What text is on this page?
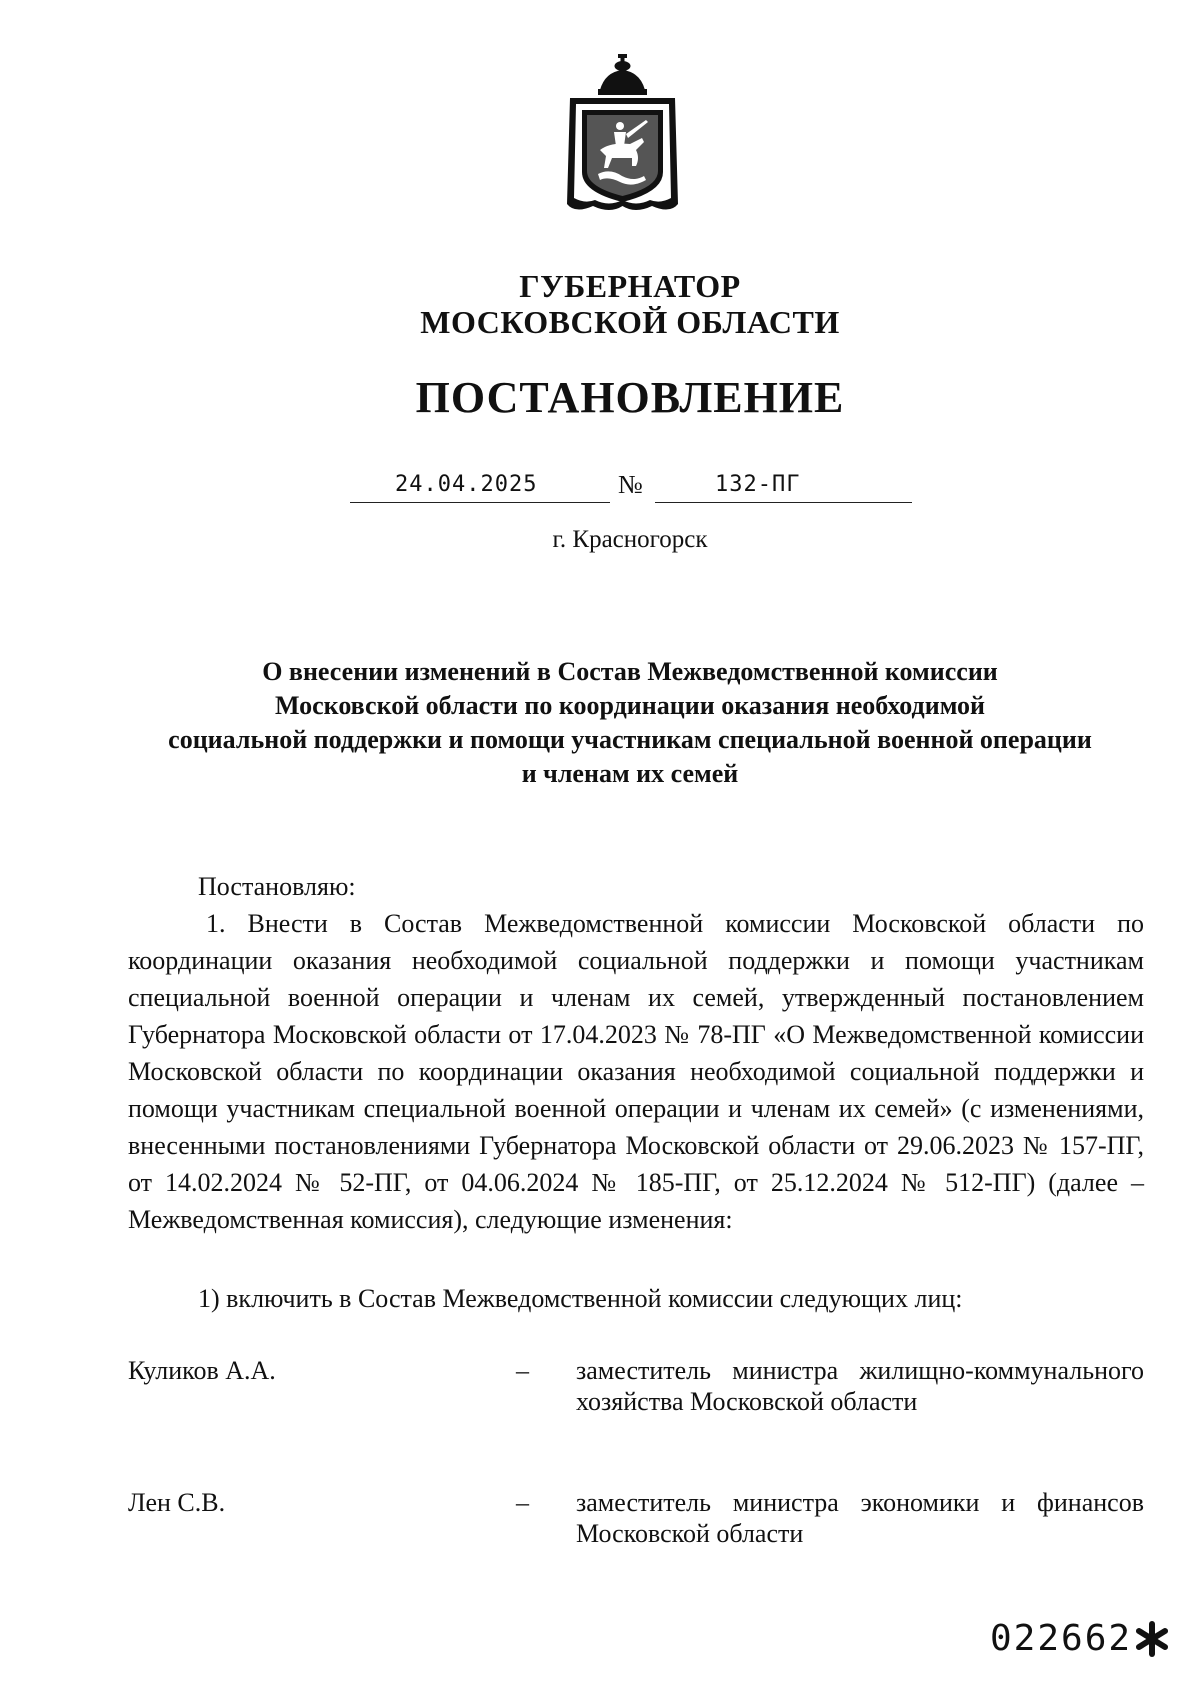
ГУБЕРНАТОР
МОСКОВСКОЙ ОБЛАСТИ
ПОСТАНОВЛЕНИЕ
24.04.2025	№	132-ПГ
г. Красногорск
О внесении изменений в Состав Межведомственной комиссии
Московской области по координации оказания необходимой
социальной поддержки и помощи участникам специальной военной операции
и членам их семей
Постановляю:
1. Внести в Состав Межведомственной комиссии Московской области по координации оказания необходимой социальной поддержки и помощи участникам специальной военной операции и членам их семей, утвержденный постановлением Губернатора Московской области от 17.04.2023 № 78-ПГ «О Межведомственной комиссии Московской области по координации оказания необходимой социальной поддержки и помощи участникам специальной военной операции и членам их семей» (с изменениями, внесенными постановлениями Губернатора Московской области от 29.06.2023 № 157-ПГ, от 14.02.2024 № 52-ПГ, от 04.06.2024 № 185-ПГ, от 25.12.2024 № 512-ПГ) (далее – Межведомственная комиссия), следующие изменения:
1) включить в Состав Межведомственной комиссии следующих лиц:
Куликов А.А.	– заместитель министра жилищно-коммунального хозяйства Московской области
Лен С.В.	– заместитель министра экономики и финансов Московской области
022662
